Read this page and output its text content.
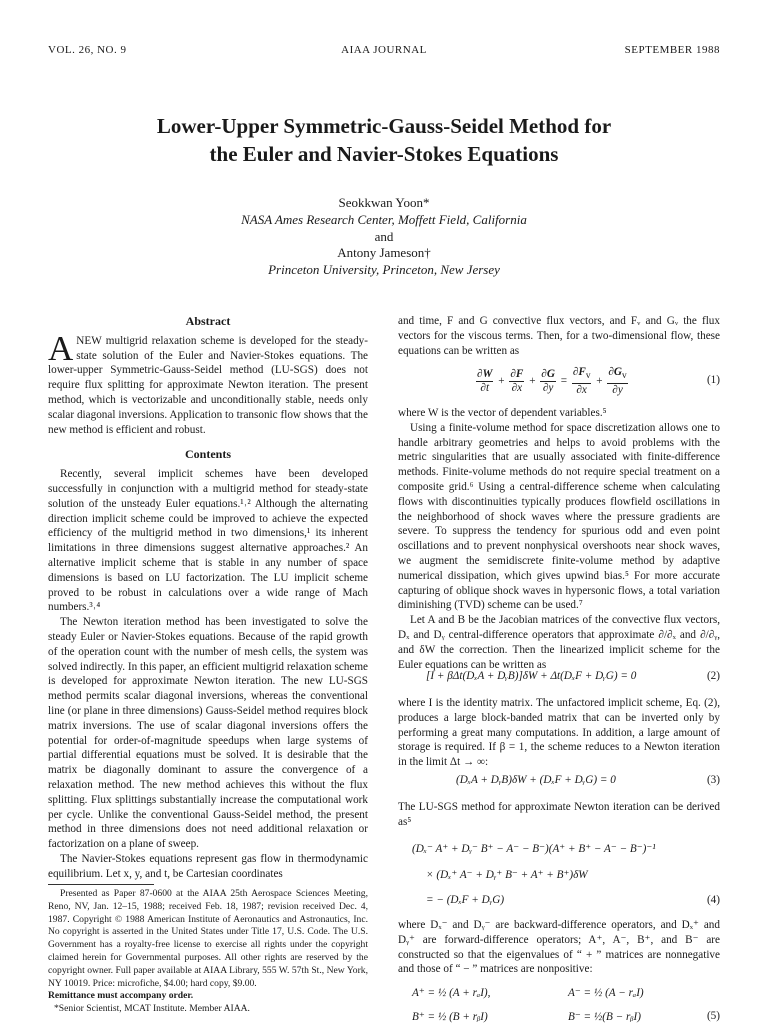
VOL. 26, NO. 9	AIAA JOURNAL	SEPTEMBER 1988
Lower-Upper Symmetric-Gauss-Seidel Method for
the Euler and Navier-Stokes Equations
Seokkwan Yoon*
NASA Ames Research Center, Moffett Field, California
and
Antony Jameson†
Princeton University, Princeton, New Jersey
Abstract

ANEW multigrid relaxation scheme is developed for the steady-state solution of the Euler and Navier-Stokes equations. The lower-upper Symmetric-Gauss-Seidel method (LU-SGS) does not require flux splitting for approximate Newton iteration. The present method, which is vectorizable and unconditionally stable, needs only scalar diagonal inversions. Application to transonic flow shows that the new method is efficient and robust.

Contents

Recently, several implicit schemes have been developed successfully in conjunction with a multigrid method for steady-state solution of the unsteady Euler equations.¹˒² Although the alternating direction implicit scheme could be improved to achieve the expected efficiency of the multigrid method in two dimensions,¹ its inherent limitations in three dimensions suggest alternative approaches.² An alternative implicit scheme that is stable in any number of space dimensions is based on LU factorization. The LU implicit scheme proved to be robust in calculations over a wide range of Mach numbers.³˒⁴

The Newton iteration method has been investigated to solve the steady Euler or Navier-Stokes equations. Because of the rapid growth of the operation count with the number of mesh cells, the system was solved indirectly. In this paper, an efficient multigrid relaxation scheme is developed for approximate Newton iteration. The new LU-SGS method permits scalar diagonal inversions, whereas the conventional line (or plane in three dimensions) Gauss-Seidel method requires block matrix inversions. The use of scalar diagonal inversions offers the potential for order-of-magnitude speedups when large systems of partial differential equations must be solved. It is desirable that the matrix be diagonally dominant to assure the convergence of a relaxation method. The new method achieves this without the flux splitting. Flux splittings substantially increase the computational work per cycle. Unlike the conventional Gauss-Seidel method, the present method in three dimensions does not need additional relaxation or factorization on a plane of sweep.

The Navier-Stokes equations represent gas flow in thermodynamic equilibrium. Let x, y, and t, be Cartesian coordinates

Presented as Paper 87-0600 at the AIAA 25th Aerospace Sciences Meeting, Reno, NV, Jan. 12–15, 1988; received Feb. 18, 1987; revision received Dec. 4, 1987. Copyright © 1988 American Institute of Aeronautics and Astronautics, Inc. No copyright is asserted in the United States under Title 17, U.S. Code. The U.S. Government has a royalty-free license to exercise all rights under the copyright claimed herein for Governmental purposes. All other rights are reserved by the copyright owner. Full paper available at AIAA Library, 555 W. 57th St., New York, NY 10019. Price: microfiche, $4.00; hard copy, $9.00.

Remittance must accompany order.

*Senior Scientist, MCAT Institute. Member AIAA.

and time, F and G convective flux vectors, and Fᵥ and Gᵥ the flux vectors for the viscous terms. Then, for a two-dimensional flow, these equations can be written as

$\frac{\partial W}{\partial t} + \frac{\partial F}{\partial x} + \frac{\partial G}{\partial y} = \frac{\partial F_v}{\partial x} + \frac{\partial G_v}{\partial y}$	(1)

where W is the vector of dependent variables.⁵

Using a finite-volume method for space discretization allows one to handle arbitrary geometries and helps to avoid problems with the metric singularities that are usually associated with finite-difference methods. Finite-volume methods do not require special treatment on a composite grid.⁶ Using a central-difference scheme when calculating flows with discontinuities typically produces flowfield oscillations in the neighborhood of shock waves where the pressure gradients are severe. To suppress the tendency for spurious odd and even point oscillations and to prevent nonphysical overshoots near shock waves, we augment the semidiscrete finite-volume method by adaptive numerical dissipation, which gives upwind bias.⁵ For more accurate capturing of oblique shock waves in hypersonic flows, a total variation diminishing (TVD) scheme can be used.⁷

Let A and B be the Jacobian matrices of the convective flux vectors, Dₓ and Dᵧ central-difference operators that approximate ∂/∂ₓ and ∂/∂ᵧ, and δW the correction. Then the linearized implicit scheme for the Euler equations can be written as

[I + βΔt(DₓA + DᵧB)]δW + Δt(DₓF + DᵧG) = 0	(2)

where I is the identity matrix. The unfactored implicit scheme, Eq. (2), produces a large block-banded matrix that can be inverted only by performing a great many computations. In addition, a large amount of storage is required. If β = 1, the scheme reduces to a Newton iteration in the limit Δt → ∞:

(DₓA + DᵧB)δW + (DₓF + DᵧG) = 0	(3)

The LU-SGS method for approximate Newton iteration can be derived as⁵

(Dₓ⁻ A⁺ + Dᵧ⁻ B⁺ − A⁻ − B⁻)(A⁺ + B⁺ − A⁻ − B⁻)⁻¹
× (Dₓ⁺ A⁻ + Dᵧ⁺ B⁻ + A⁺ + B⁺)δW
= − (DₓF + DᵧG)	(4)

where Dₓ⁻ and Dᵧ⁻ are backward-difference operators, and Dₓ⁺ and Dᵧ⁺ are forward-difference operators; A⁺, A⁻, B⁺, and B⁻ are constructed so that the eigenvalues of “ + ” matrices are nonnegative and those of “ − ” matrices are nonpositive:

A⁺ = ½ (A + rₐI),	A⁻ = ½ (A − rₐI)
B⁺ = ½ (B + rᵦI)	B⁻ = ½(B − rᵦI)	(5)
